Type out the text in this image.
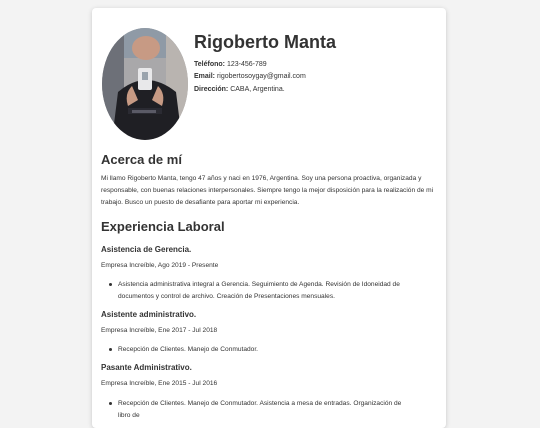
Rigoberto Manta
Teléfono: 123-456-789
Email: rigobertosoygay@gmail.com
Dirección: CABA, Argentina.
Acerca de mí

Mi llamo Rigoberto Manta, tengo 47 años y naci en 1976, Argentina. Soy una persona proactiva, organizada y responsable, con buenas relaciones interpersonales. Siempre tengo la mejor disposición para la realización de mi trabajo. Busco un puesto de desafiante para aportar mi experiencia.

Experiencia Laboral
Asistencia de Gerencia.
Empresa Increíble, Ago 2019 - Presente

Asistencia administrativa integral a Gerencia. Seguimiento de Agenda. Revisión de Idoneidad de documentos y control de archivo. Creación de Presentaciones mensuales.

Asistente administrativo.
Empresa Increíble, Ene 2017 - Jul 2018

Recepción de Clientes. Manejo de Conmutador.

Pasante Administrativo.
Empresa Increíble, Ene 2015 - Jul 2016

Recepción de Clientes. Manejo de Conmutador. Asistencia a mesa de entradas. Organización de libro de
